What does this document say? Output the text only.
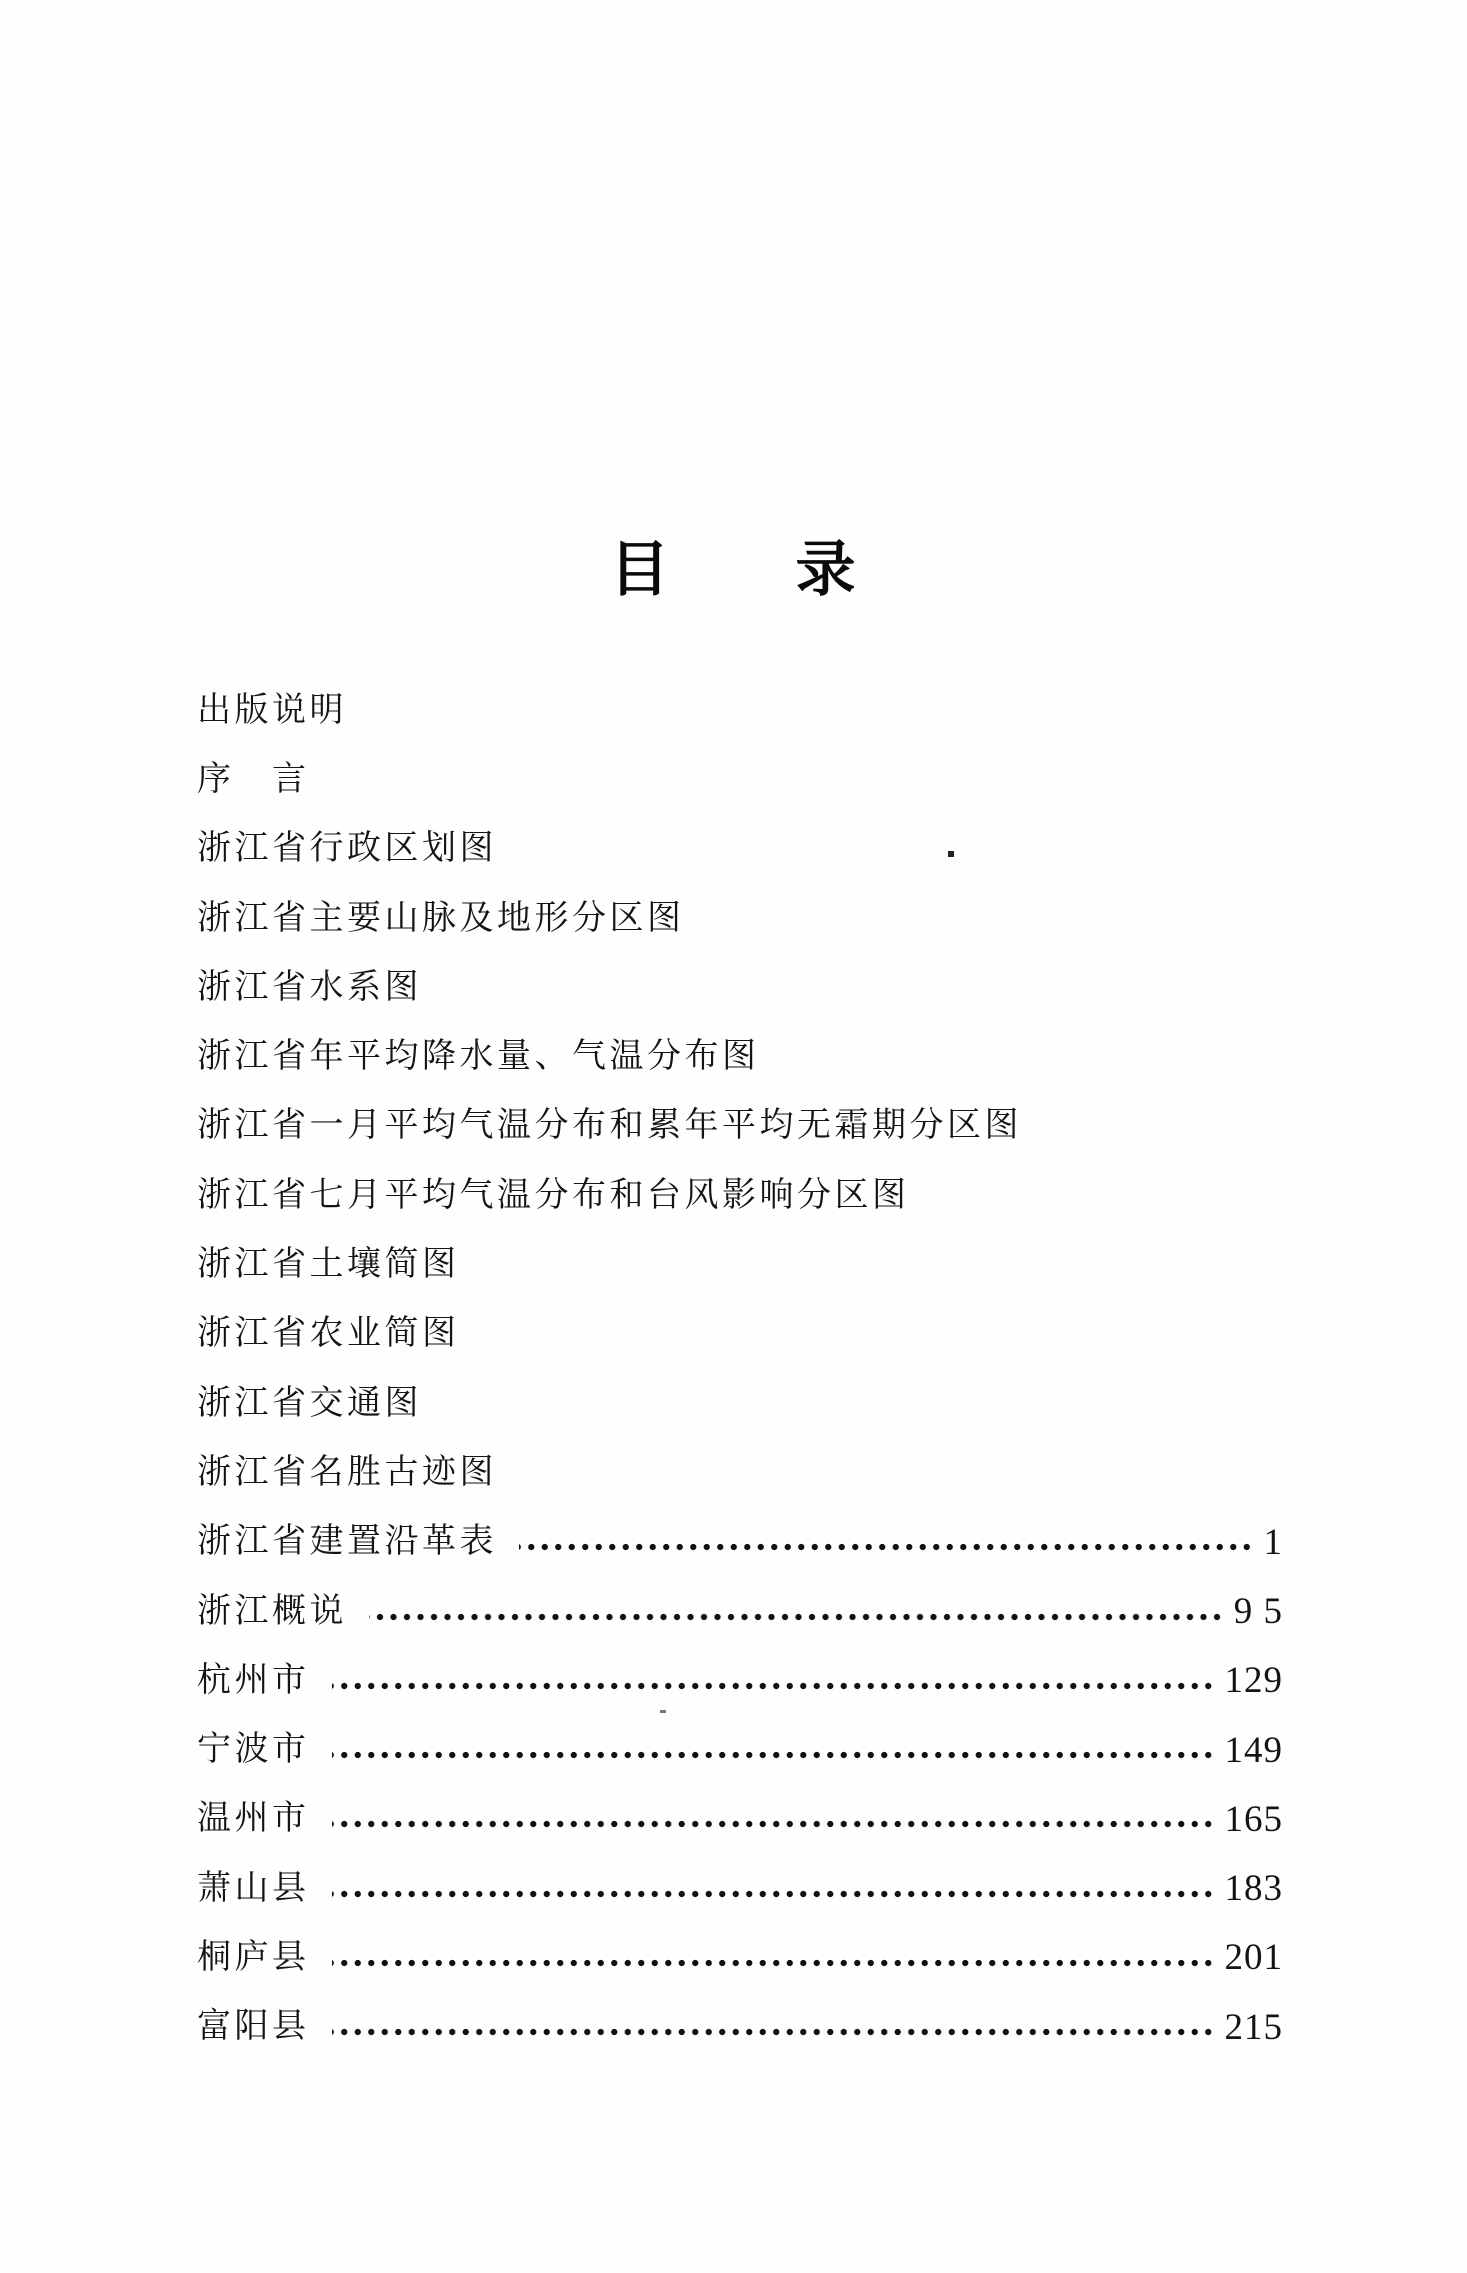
目　　录
出版说明
序　言
浙江省行政区划图
浙江省主要山脉及地形分区图
浙江省水系图
浙江省年平均降水量、气温分布图
浙江省一月平均气温分布和累年平均无霜期分区图
浙江省七月平均气温分布和台风影响分区图
浙江省土壤简图
浙江省农业简图
浙江省交通图
浙江省名胜古迹图
浙江省建置沿革表	1
浙江概说	9 5
杭州市	129
宁波市	149
温州市	165
萧山县	183
桐庐县	201
富阳县	215
